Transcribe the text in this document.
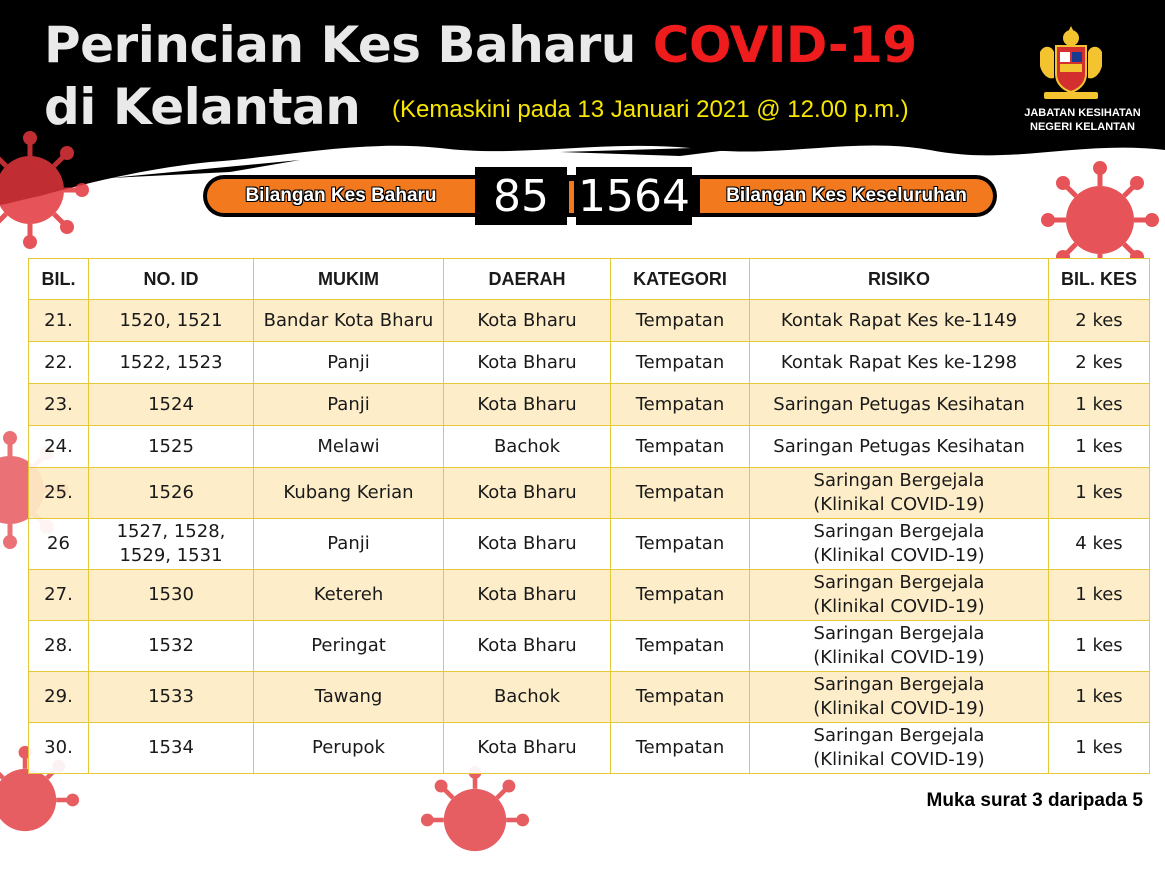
Perincian Kes Baharu COVID-19
di Kelantan (Kemaskini pada 13 Januari 2021 @ 12.00 p.m.)	JABATAN KESIHATAN
NEGERI KELANTAN
Bilangan Kes Baharu	85 1564	Bilangan Kes Keseluruhan
BIL.	NO. ID	MUKIM	DAERAH	KATEGORI	RISIKO	BIL. KES
21.	1520, 1521	Bandar Kota Bharu	Kota Bharu	Tempatan	Kontak Rapat Kes ke-1149	2 kes
22.	1522, 1523	Panji	Kota Bharu	Tempatan	Kontak Rapat Kes ke-1298	2 kes
23.	1524	Panji	Kota Bharu	Tempatan	Saringan Petugas Kesihatan	1 kes
24.	1525	Melawi	Bachok	Tempatan	Saringan Petugas Kesihatan	1 kes
25.	1526	Kubang Kerian	Kota Bharu	Tempatan	Saringan Bergejala
(Klinikal COVID-19)	1 kes
26	1527, 1528,
1529, 1531	Panji	Kota Bharu	Tempatan	Saringan Bergejala
(Klinikal COVID-19)	4 kes
27.	1530	Ketereh	Kota Bharu	Tempatan	Saringan Bergejala
(Klinikal COVID-19)	1 kes
28.	1532	Peringat	Kota Bharu	Tempatan	Saringan Bergejala
(Klinikal COVID-19)	1 kes
29.	1533	Tawang	Bachok	Tempatan	Saringan Bergejala
(Klinikal COVID-19)	1 kes
30.	1534	Perupok	Kota Bharu	Tempatan	Saringan Bergejala
(Klinikal COVID-19)	1 kes
Muka surat 3 daripada 5
